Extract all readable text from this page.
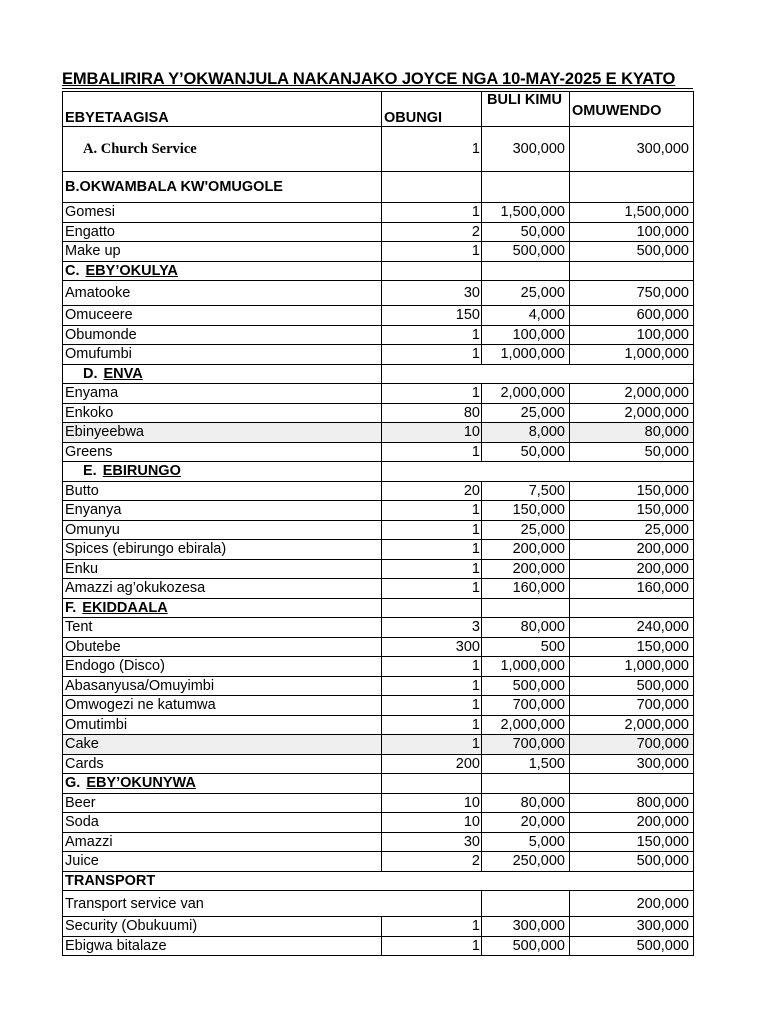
EMBALIRIRA Y’OKWANJULA NAKANJAKO JOYCE NGA 10-MAY-2025 E KYATO
EBYETAAGISA	OBUNGI	BULI KIMU	OMUWENDO
A. Church Service	1	300,000	300,000
B.OKWAMBALA KW'OMUGOLE			
Gomesi	1	1,500,000	1,500,000
Engatto	2	50,000	100,000
Make up	1	500,000	500,000
C. EBY’OKULYA			
Amatooke	30	25,000	750,000
Omuceere	150	4,000	600,000
Obumonde	1	100,000	100,000
Omufumbi	1	1,000,000	1,000,000
D. ENVA			
Enyama	1	2,000,000	2,000,000
Enkoko	80	25,000	2,000,000
Ebinyeebwa	10	8,000	80,000
Greens	1	50,000	50,000
E. EBIRUNGO			
Butto	20	7,500	150,000
Enyanya	1	150,000	150,000
Omunyu	1	25,000	25,000
Spices (ebirungo ebirala)	1	200,000	200,000
Enku	1	200,000	200,000
Amazzi ag’okukozesa	1	160,000	160,000
F. EKIDDAALA			
Tent	3	80,000	240,000
Obutebe	300	500	150,000
Endogo (Disco)	1	1,000,000	1,000,000
Abasanyusa/Omuyimbi	1	500,000	500,000
Omwogezi ne katumwa	1	700,000	700,000
Omutimbi	1	2,000,000	2,000,000
Cake	1	700,000	700,000
Cards	200	1,500	300,000
G. EBY’OKUNYWA			
Beer	10	80,000	800,000
Soda	10	20,000	200,000
Amazzi	30	5,000	150,000
Juice	2	250,000	500,000
TRANSPORT			
Transport service van			200,000
Security (Obukuumi)	1	300,000	300,000
Ebigwa bitalaze	1	500,000	500,000
